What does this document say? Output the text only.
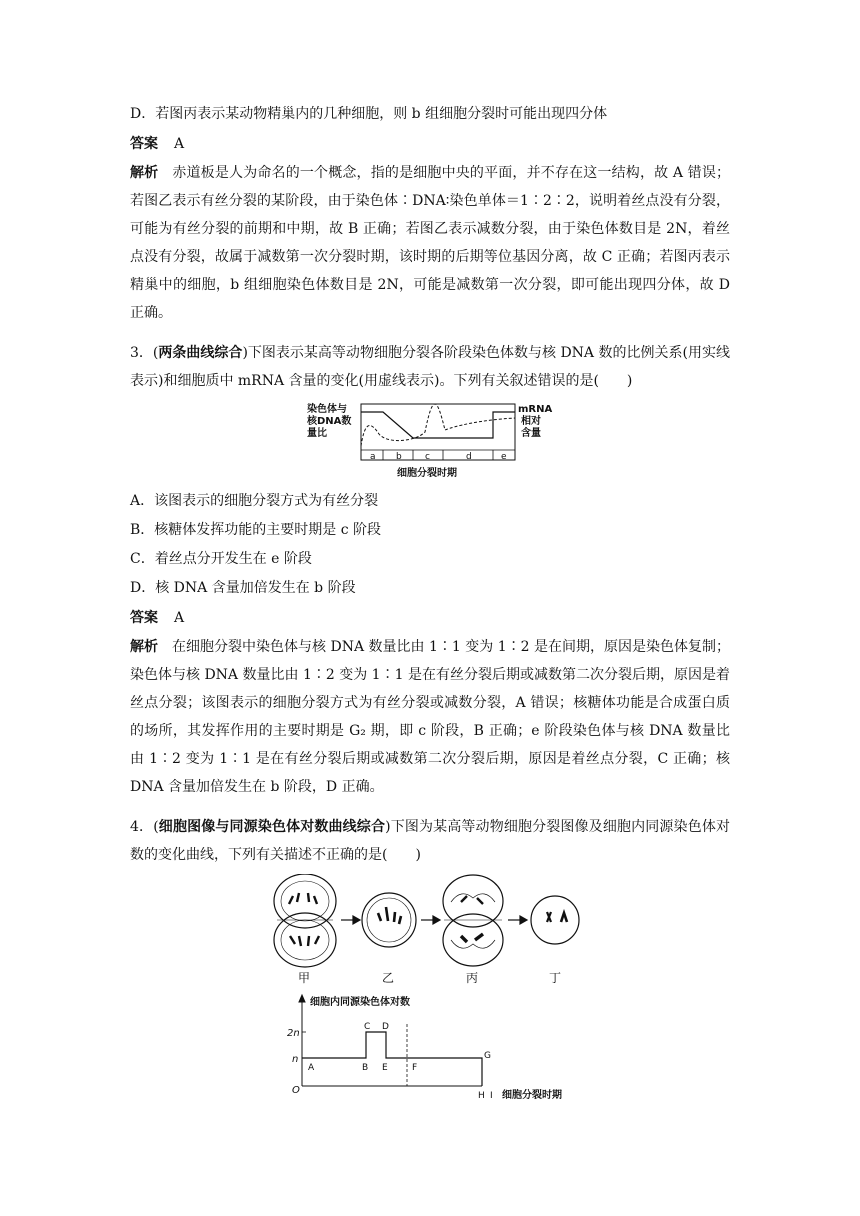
D．若图丙表示某动物精巢内的几种细胞，则 b 组细胞分裂时可能出现四分体

答案 A

解析 赤道板是人为命名的一个概念，指的是细胞中央的平面，并不存在这一结构，故 A 错误；若图乙表示有丝分裂的某阶段，由于染色体∶DNA∶染色单体＝1∶2∶2，说明着丝点没有分裂，可能为有丝分裂的前期和中期，故 B 正确；若图乙表示减数分裂，由于染色体数目是 2N，着丝点没有分裂，故属于减数第一次分裂时期，该时期的后期等位基因分离，故 C 正确；若图丙表示精巢中的细胞，b 组细胞染色体数目是 2N，可能是减数第一次分裂，即可能出现四分体，故 D 正确。

3．(两条曲线综合)下图表示某高等动物细胞分裂各阶段染色体数与核 DNA 数的比例关系(用实线表示)和细胞质中 mRNA 含量的变化(用虚线表示)。下列有关叙述错误的是(　　)

染色体与
核DNA数
量比
mRNA
相对
含量
a b	c	d	e
细胞分裂时期
A．该图表示的细胞分裂方式为有丝分裂
B．核糖体发挥功能的主要时期是 c 阶段
C．着丝点分开发生在 e 阶段
D．核 DNA 含量加倍发生在 b 阶段
答案 A

解析 在细胞分裂中染色体与核 DNA 数量比由 1∶1 变为 1∶2 是在间期，原因是染色体复制；染色体与核 DNA 数量比由 1∶2 变为 1∶1 是在有丝分裂后期或减数第二次分裂后期，原因是着丝点分裂；该图表示的细胞分裂方式为有丝分裂或减数分裂，A 错误；核糖体功能是合成蛋白质的场所，其发挥作用的主要时期是 G₂ 期，即 c 阶段，B 正确；e 阶段染色体与核 DNA 数量比由 1∶2 变为 1∶1 是在有丝分裂后期或减数第二次分裂后期，原因是着丝点分裂，C 正确；核 DNA 含量加倍发生在 b 阶段，D 正确。

4．(细胞图像与同源染色体对数曲线综合)下图为某高等动物细胞分裂图像及细胞内同源染色体对数的变化曲线，下列有关描述不正确的是(　　)

甲	乙	丙	丁
细胞内同源染色体对数
2n
n
O
A	B
C D
E	F
G
H I 细胞分裂时期
